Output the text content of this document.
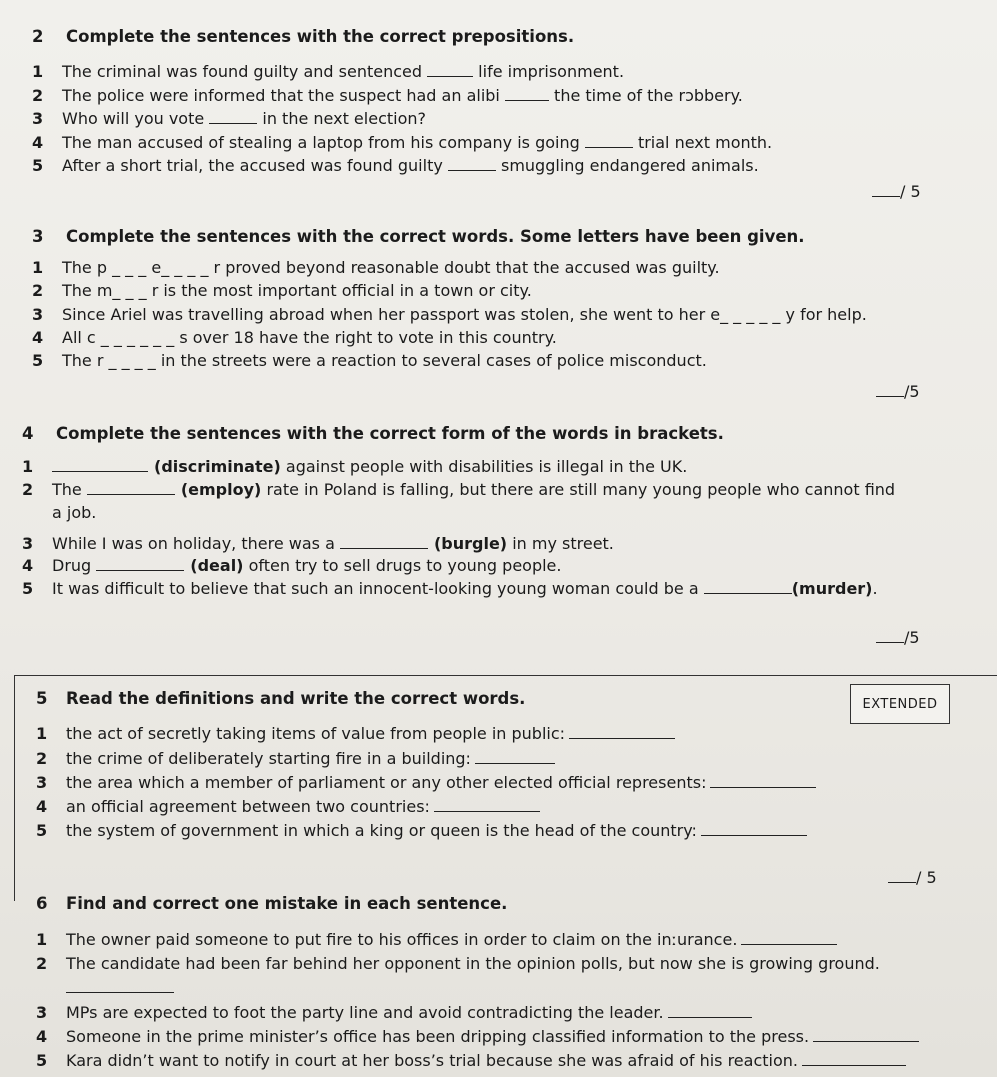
2 Complete the sentences with the correct prepositions.
1 The criminal was found guilty and sentenced	life imprisonment.
2 The police were informed that the suspect had an alibi	the time of the rɔbbery.
3 Who will you vote	in the next election?
4 The man accused of stealing a laptop from his company is going	trial next month.
5 After a short trial, the accused was found guilty	smuggling endangered animals.
/ 5
3 Complete the sentences with the correct words. Some letters have been given.
1 The p _ _ _ e_ _ _ _ r proved beyond reasonable doubt that the accused was guilty.
2 The m_ _ _ r is the most important official in a town or city.
3 Since Ariel was travelling abroad when her passport was stolen, she went to her e_ _ _ _ _ y for help.
4 All c _ _ _ _ _ _ s over 18 have the right to vote in this country.
5 The r _ _ _ _ in the streets were a reaction to several cases of police misconduct.
/5
4 Complete the sentences with the correct form of the words in brackets.
1	(discriminate) against people with disabilities is illegal in the UK.
2 The	(employ) rate in Poland is falling, but there are still many young people who cannot find
a job.
3 While I was on holiday, there was a	(burgle) in my street.
4 Drug	(deal) often try to sell drugs to young people.
5 It was difficult to believe that such an innocent-looking young woman could be a	(murder).
/5
EXTENDED
5 Read the definitions and write the correct words.
1 the act of secretly taking items of value from people in public:
2 the crime of deliberately starting fire in a building:
3 the area which a member of parliament or any other elected official represents:
4 an official agreement between two countries:
5 the system of government in which a king or queen is the head of the country:
/ 5
6 Find and correct one mistake in each sentence.
1 The owner paid someone to put fire to his offices in order to claim on the inːurance.
2 The candidate had been far behind her opponent in the opinion polls, but now she is growing ground.
3 MPs are expected to foot the party line and avoid contradicting the leader.
4 Someone in the prime minister’s office has been dripping classified information to the press.
5 Kara didn’t want to notify in court at her boss’s trial because she was afraid of his reaction.
